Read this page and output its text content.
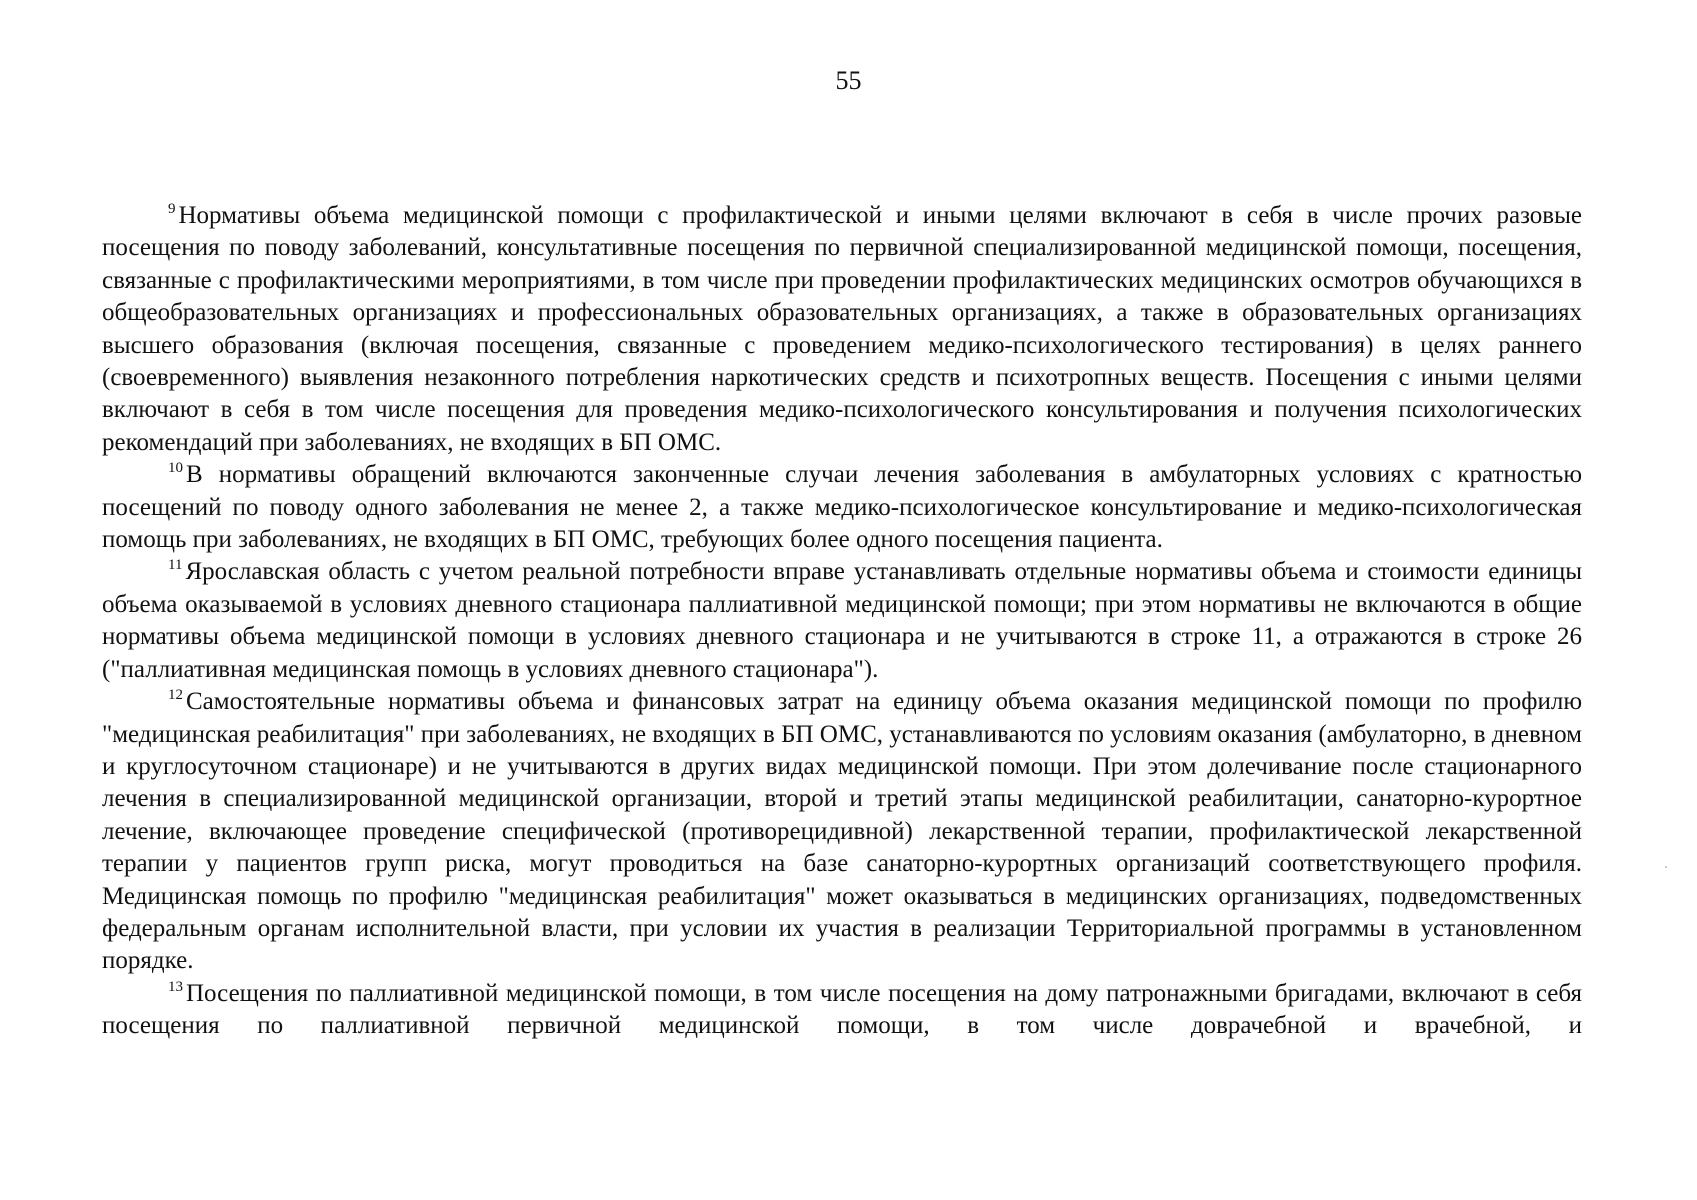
55

$^9$ Нормативы объема медицинской помощи с профилактической и иными целями включают в себя в числе прочих разовые посещения по поводу заболеваний, консультативные посещения по первичной специализированной медицинской помощи, посещения, связанные с профилактическими мероприятиями, в том числе при проведении профилактических медицинских осмотров обучающихся в общеобразовательных организациях и профессиональных образовательных организациях, а также в образовательных организациях высшего образования (включая посещения, связанные с проведением медико-психологического тестирования) в целях раннего (своевременного) выявления незаконного потребления наркотических средств и психотропных веществ. Посещения с иными целями включают в себя в том числе посещения для проведения медико-психологического консультирования и получения психологических рекомендаций при заболеваниях, не входящих в БП ОМС.

$^{10}$ В нормативы обращений включаются законченные случаи лечения заболевания в амбулаторных условиях с кратностью посещений по поводу одного заболевания не менее 2, а также медико-психологическое консультирование и медико-психологическая помощь при заболеваниях, не входящих в БП ОМС, требующих более одного посещения пациента.

$^{11}$ Ярославская область с учетом реальной потребности вправе устанавливать отдельные нормативы объема и стоимости единицы объема оказываемой в условиях дневного стационара паллиативной медицинской помощи; при этом нормативы не включаются в общие нормативы объема медицинской помощи в условиях дневного стационара и не учитываются в строке 11, а отражаются в строке 26 ("паллиативная медицинская помощь в условиях дневного стационара").

$^{12}$ Самостоятельные нормативы объема и финансовых затрат на единицу объема оказания медицинской помощи по профилю "медицинская реабилитация" при заболеваниях, не входящих в БП ОМС, устанавливаются по условиям оказания (амбулаторно, в дневном и круглосуточном стационаре) и не учитываются в других видах медицинской помощи. При этом долечивание после стационарного лечения в специализированной медицинской организации, второй и третий этапы медицинской реабилитации, санаторно-курортное лечение, включающее проведение специфической (противорецидивной) лекарственной терапии, профилактической лекарственной терапии у пациентов групп риска, могут проводиться на базе санаторно-курортных организаций соответствующего профиля. Медицинская помощь по профилю "медицинская реабилитация" может оказываться в медицинских организациях, подведомственных федеральным органам исполнительной власти, при условии их участия в реализации Территориальной программы в установленном порядке.

$^{13}$ Посещения по паллиативной медицинской помощи, в том числе посещения на дому патронажными бригадами, включают в себя посещения по паллиативной первичной медицинской помощи, в том числе доврачебной и врачебной, и
